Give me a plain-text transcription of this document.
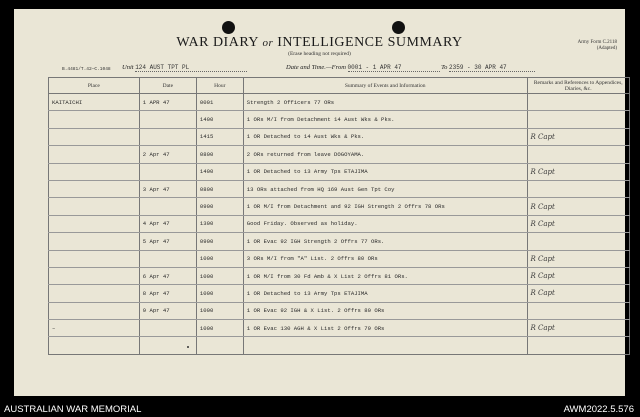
WAR DIARY or INTELLIGENCE SUMMARY
(Erase heading not required)
Army Form C.2118
(Adapted)
B.4481/T.42—C.1048 Unit 124 AUST TPT PL	Date and Time.—From 0001 - 1 APR 47	To 2359 - 30 APR 47
Place	Date	Hour	Summary of Events and Information	Remarks and References to Appendices, Diaries, &c.
KAITAICHI	1 APR 47	0001	Strength 2 Officers 77 ORs	
		1400	1 ORs M/I from Detachment 14 Aust Wks & Pks.	
		1415	1 OR Detached to 14 Aust Wks & Pks.	R Capt
	2 Apr 47	0800	2 ORs returned from leave DOGOYAMA.	
		1400	1 OR Detached to 13 Army Tps ETAJIMA	R Capt
	3 Apr 47	0800	13 ORs attached from HQ 169 Aust Gen Tpt Coy	
		0900	1 OR M/I from Detachment and 92 IGH Strength 2 Offrs 78 ORs	R Capt
	4 Apr 47	1300	Good Friday. Observed as holiday.	R Capt
	5 Apr 47	0900	1 OR Evac 92 IGH Strength 2 Offrs 77 ORs.	
		1000	3 ORs M/I from "A" List. 2 Offrs 80 ORs	R Capt
	6 Apr 47	1000	1 OR M/I from 30 Fd Amb & X List 2 Offrs 81 ORs.	R Capt
	8 Apr 47	1000	1 OR Detached to 13 Army Tps ETAJIMA	R Capt
	9 Apr 47	1000	1 OR Evac 92 IGH & X List. 2 Offrs 80 ORs	
–		1000	1 OR Evac 130 AGH & X List 2 Offrs 79 ORs	R Capt

AUSTRALIAN WAR MEMORIAL	AWM2022.5.576
